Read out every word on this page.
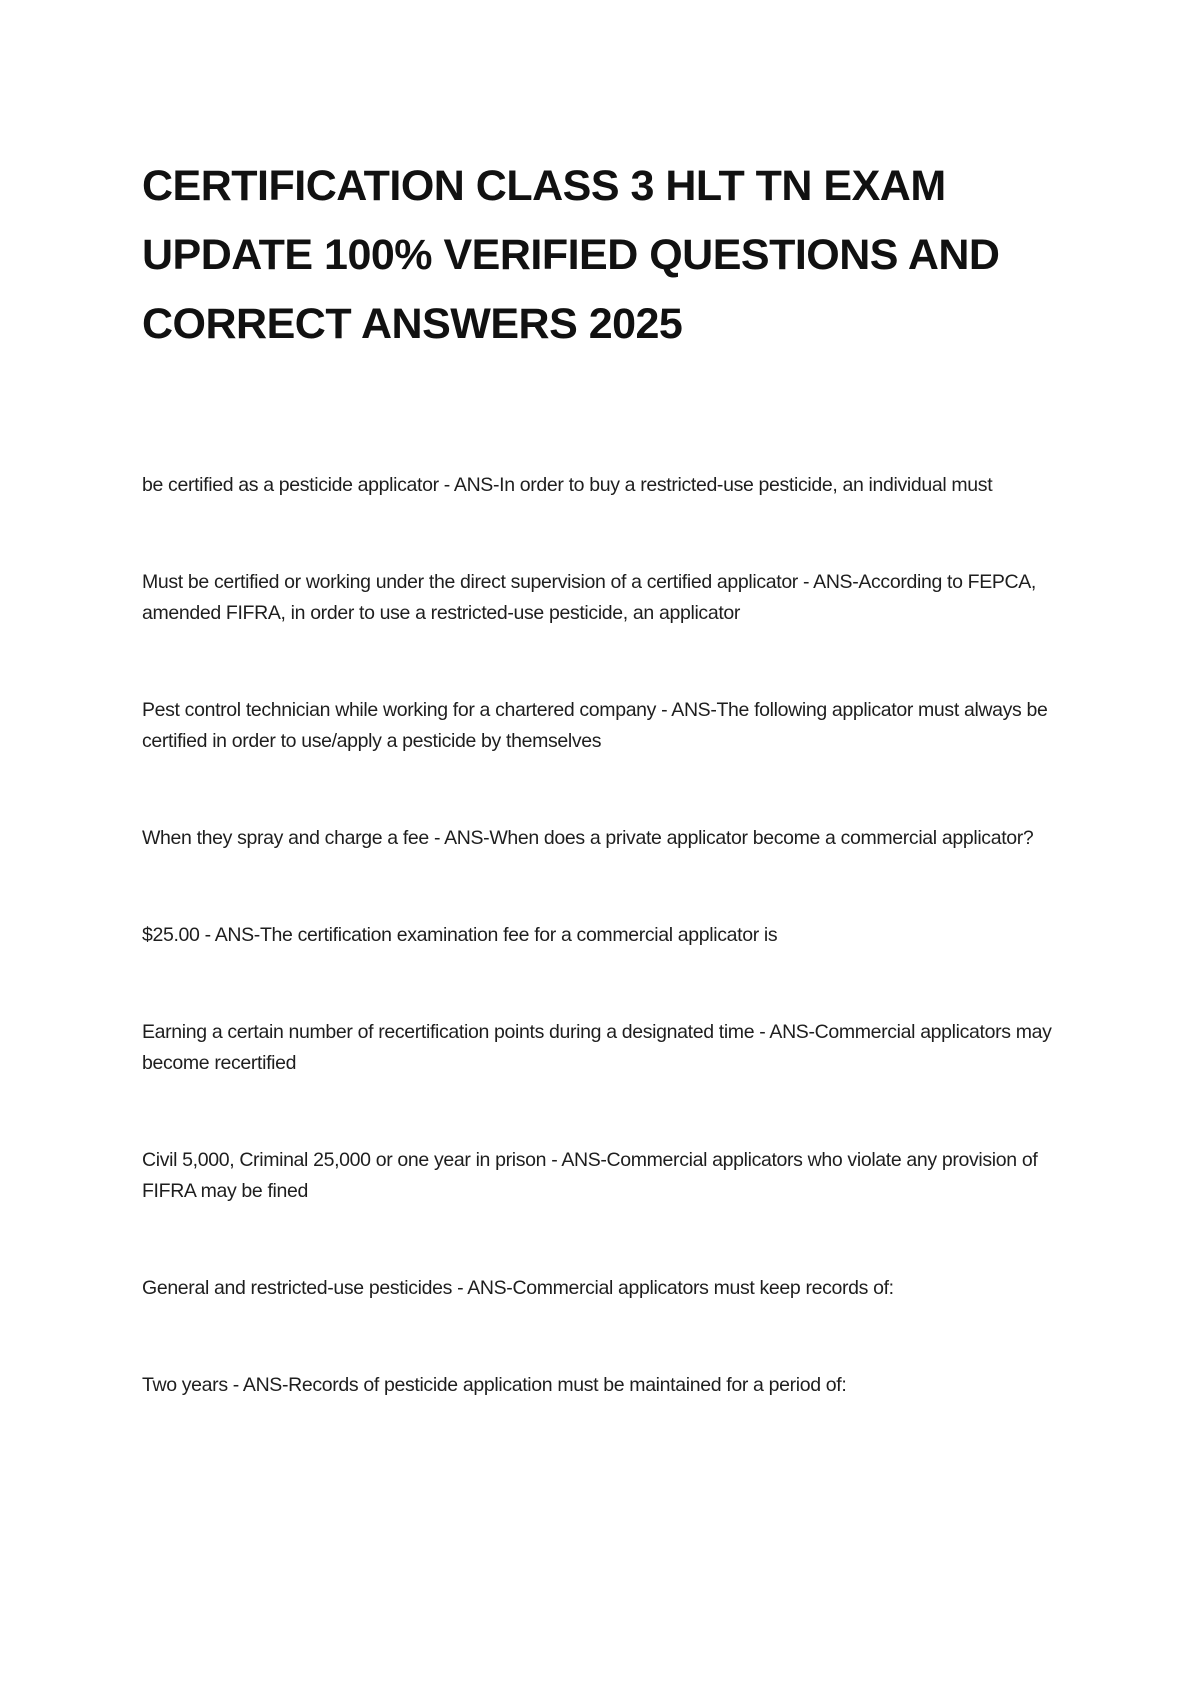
CERTIFICATION CLASS 3 HLT TN EXAM UPDATE 100% VERIFIED QUESTIONS AND CORRECT ANSWERS 2025

be certified as a pesticide applicator - ANS-In order to buy a restricted-use pesticide, an individual must

Must be certified or working under the direct supervision of a certified applicator - ANS-According to FEPCA, amended FIFRA, in order to use a restricted-use pesticide, an applicator

Pest control technician while working for a chartered company - ANS-The following applicator must always be certified in order to use/apply a pesticide by themselves

When they spray and charge a fee - ANS-When does a private applicator become a commercial applicator?

$25.00 - ANS-The certification examination fee for a commercial applicator is

Earning a certain number of recertification points during a designated time - ANS-Commercial applicators may become recertified

Civil 5,000, Criminal 25,000 or one year in prison - ANS-Commercial applicators who violate any provision of FIFRA may be fined

General and restricted-use pesticides - ANS-Commercial applicators must keep records of:

Two years - ANS-Records of pesticide application must be maintained for a period of:
